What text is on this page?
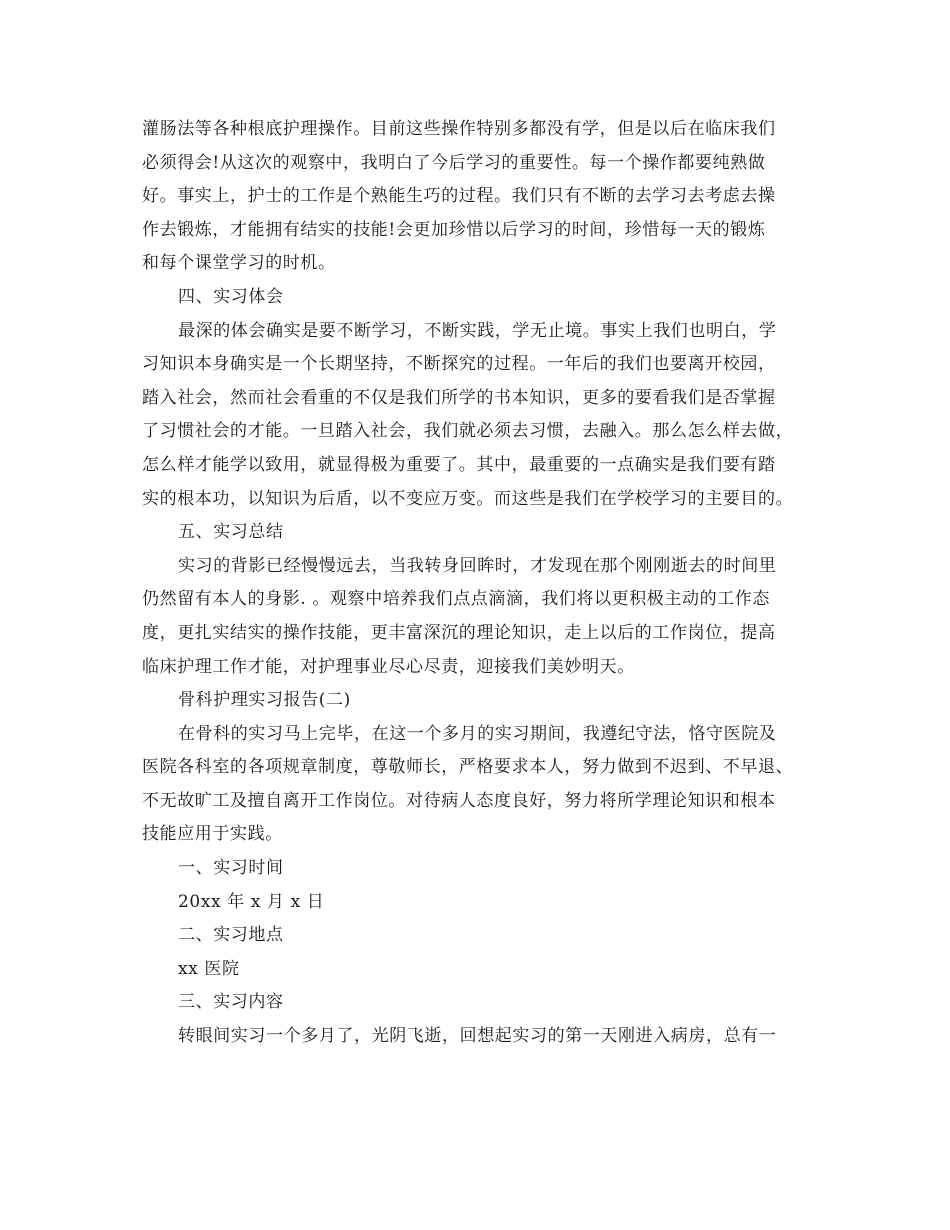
灌肠法等各种根底护理操作。目前这些操作特别多都没有学，但是以后在临床我们
必须得会!从这次的观察中，我明白了今后学习的重要性。每一个操作都要纯熟做
好。事实上，护士的工作是个熟能生巧的过程。我们只有不断的去学习去考虑去操
作去锻炼，才能拥有结实的技能!会更加珍惜以后学习的时间，珍惜每一天的锻炼
和每个课堂学习的时机。
四、实习体会
最深的体会确实是要不断学习，不断实践，学无止境。事实上我们也明白，学
习知识本身确实是一个长期坚持，不断探究的过程。一年后的我们也要离开校园，
踏入社会，然而社会看重的不仅是我们所学的书本知识，更多的要看我们是否掌握
了习惯社会的才能。一旦踏入社会，我们就必须去习惯，去融入。那么怎么样去做，
怎么样才能学以致用，就显得极为重要了。其中，最重要的一点确实是我们要有踏
实的根本功，以知识为后盾，以不变应万变。而这些是我们在学校学习的主要目的。
五、实习总结
实习的背影已经慢慢远去，当我转身回眸时，才发现在那个刚刚逝去的时间里
仍然留有本人的身影. 。观察中培养我们点点滴滴，我们将以更积极主动的工作态
度，更扎实结实的操作技能，更丰富深沉的理论知识，走上以后的工作岗位，提高
临床护理工作才能，对护理事业尽心尽责，迎接我们美妙明天。
骨科护理实习报告(二)
在骨科的实习马上完毕，在这一个多月的实习期间，我遵纪守法，恪守医院及
医院各科室的各项规章制度，尊敬师长，严格要求本人，努力做到不迟到、不早退、
不无故旷工及擅自离开工作岗位。对待病人态度良好，努力将所学理论知识和根本
技能应用于实践。
一、实习时间
20xx 年 x 月 x 日
二、实习地点
xx 医院
三、实习内容
转眼间实习一个多月了，光阴飞逝，回想起实习的第一天刚进入病房，总有一
